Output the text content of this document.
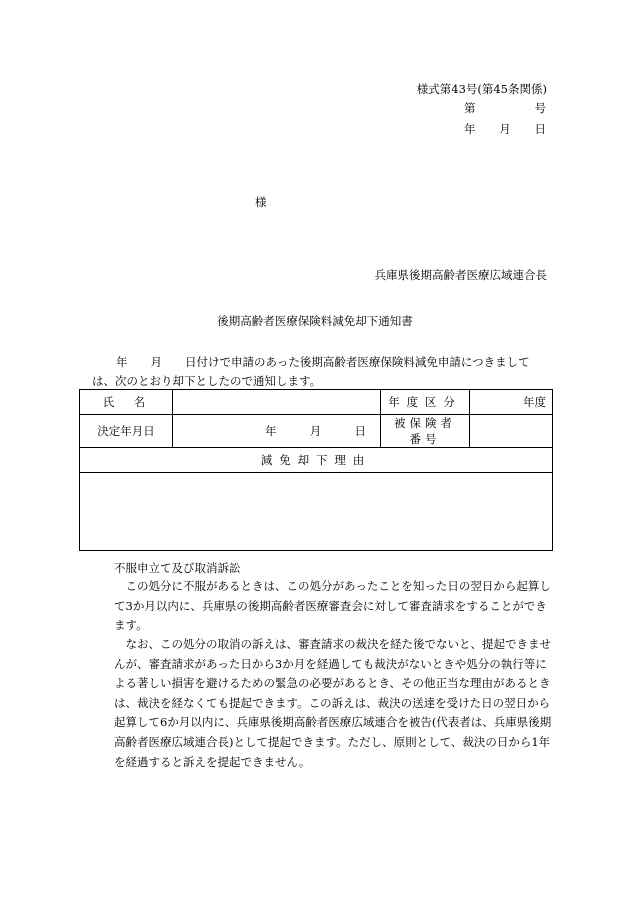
様式第43号(第45条関係)
第	号
年 月 日
様
兵庫県後期高齢者医療広域連合長
後期高齢者医療保険料減免却下通知書
年　　月　　日付けで申請のあった後期高齢者医療保険料減免申請につきまして
は、次のとおり却下としたので通知します。
氏　名		年度区分	年度
決定年月日	年 月 日	被保険者番号	
減免却下理由			

不服申立て及び取消訴訟
この処分に不服があるときは、この処分があったことを知った日の翌日から起算して3か月以内に、兵庫県の後期高齢者医療審査会に対して審査請求をすることができます。
なお、この処分の取消の訴えは、審査請求の裁決を経た後でないと、提起できませんが、審査請求があった日から3か月を経過しても裁決がないときや処分の執行等による著しい損害を避けるための緊急の必要があるとき、その他正当な理由があるときは、裁決を経なくても提起できます。この訴えは、裁決の送達を受けた日の翌日から起算して6か月以内に、兵庫県後期高齢者医療広域連合を被告(代表者は、兵庫県後期高齢者医療広域連合長)として提起できます。ただし、原則として、裁決の日から1年を経過すると訴えを提起できません。
